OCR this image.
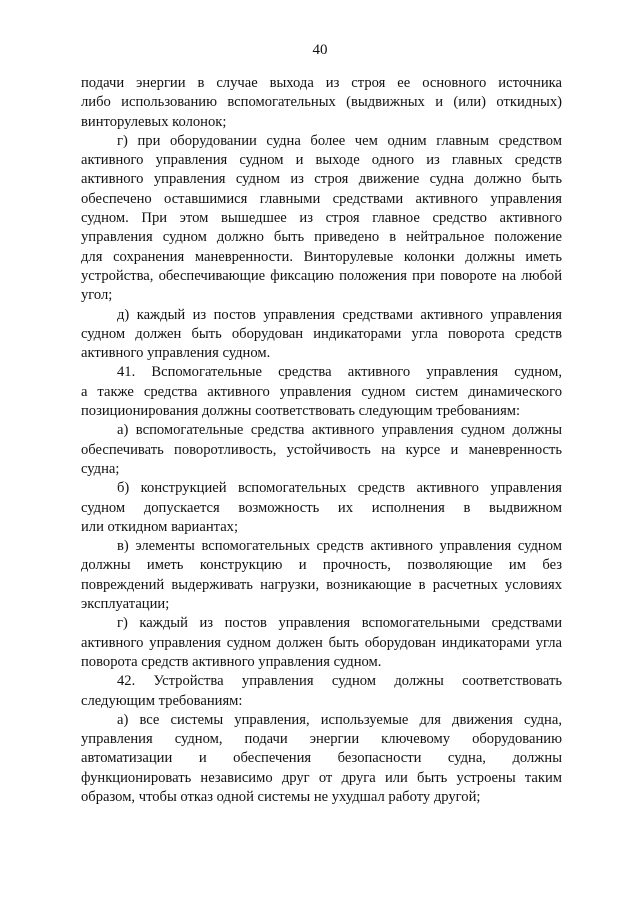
40
подачи энергии в случае выхода из строя ее основного источника
либо использованию вспомогательных (выдвижных и (или) откидных)
винторулевых колонок;
г) при оборудовании судна более чем одним главным средством
активного управления судном и выходе одного из главных средств
активного управления судном из строя движение судна должно быть
обеспечено оставшимися главными средствами активного управления
судном. При этом вышедшее из строя главное средство активного
управления судном должно быть приведено в нейтральное положение
для сохранения маневренности. Винторулевые колонки должны иметь
устройства, обеспечивающие фиксацию положения при повороте на любой
угол;
д) каждый из постов управления средствами активного управления
судном должен быть оборудован индикаторами угла поворота средств
активного управления судном.
41. Вспомогательные средства активного управления судном,
а также средства активного управления судном систем динамического
позиционирования должны соответствовать следующим требованиям:
а) вспомогательные средства активного управления судном должны
обеспечивать поворотливость, устойчивость на курсе и маневренность
судна;
б) конструкцией вспомогательных средств активного управления
судном допускается возможность их исполнения в выдвижном
или откидном вариантах;
в) элементы вспомогательных средств активного управления судном
должны иметь конструкцию и прочность, позволяющие им без
повреждений выдерживать нагрузки, возникающие в расчетных условиях
эксплуатации;
г) каждый из постов управления вспомогательными средствами
активного управления судном должен быть оборудован индикаторами угла
поворота средств активного управления судном.
42. Устройства управления судном должны соответствовать
следующим требованиям:
а) все системы управления, используемые для движения судна,
управления судном, подачи энергии ключевому оборудованию
автоматизации и обеспечения безопасности судна, должны
функционировать независимо друг от друга или быть устроены таким
образом, чтобы отказ одной системы не ухудшал работу другой;
